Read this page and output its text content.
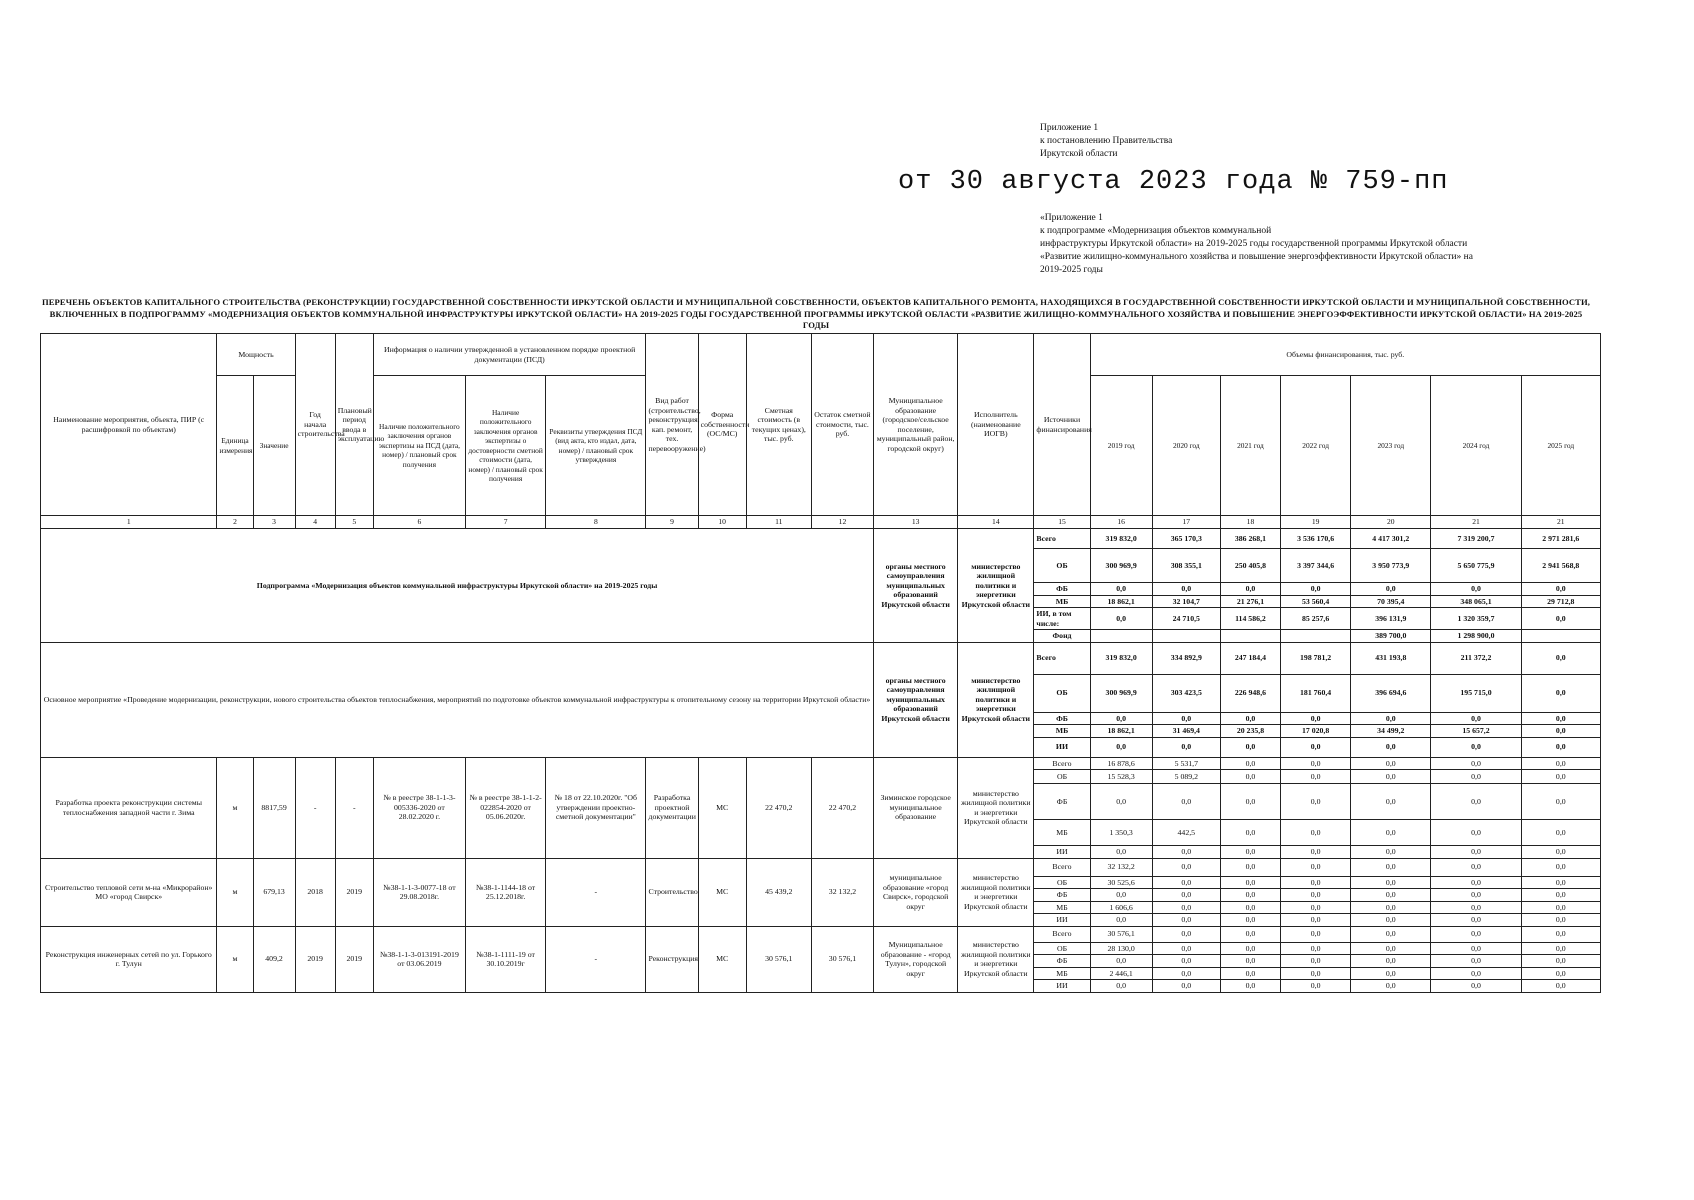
Приложение 1
к постановлению Правительства
Иркутской области
от 30 августа 2023 года № 759-пп
«Приложение 1
к подпрограмме «Модернизация объектов коммунальной
инфраструктуры Иркутской области» на 2019-2025 годы государственной программы Иркутской области
«Развитие жилищно-коммунального хозяйства и повышение энергоэффективности Иркутской области» на
2019-2025 годы
ПЕРЕЧЕНЬ ОБЪЕКТОВ КАПИТАЛЬНОГО СТРОИТЕЛЬСТВА (РЕКОНСТРУКЦИИ) ГОСУДАРСТВЕННОЙ СОБСТВЕННОСТИ ИРКУТСКОЙ ОБЛАСТИ И МУНИЦИПАЛЬНОЙ СОБСТВЕННОСТИ, ОБЪЕКТОВ КАПИТАЛЬНОГО РЕМОНТА, НАХОДЯЩИХСЯ В ГОСУДАРСТВЕННОЙ СОБСТВЕННОСТИ ИРКУТСКОЙ ОБЛАСТИ И МУНИЦИПАЛЬНОЙ СОБСТВЕННОСТИ, ВКЛЮЧЕННЫХ В ПОДПРОГРАММУ «МОДЕРНИЗАЦИЯ ОБЪЕКТОВ КОММУНАЛЬНОЙ ИНФРАСТРУКТУРЫ ИРКУТСКОЙ ОБЛАСТИ» НА 2019-2025 ГОДЫ ГОСУДАРСТВЕННОЙ ПРОГРАММЫ ИРКУТСКОЙ ОБЛАСТИ «РАЗВИТИЕ ЖИЛИЩНО-КОММУНАЛЬНОГО ХОЗЯЙСТВА И ПОВЫШЕНИЕ ЭНЕРГОЭФФЕКТИВНОСТИ ИРКУТСКОЙ ОБЛАСТИ» НА 2019-2025 ГОДЫ
Наименование мероприятия, объекта, ПИР (с расшифровкой по объектам)	Мощность		Год начала строительства	Плановый период ввода в эксплуатацию	Информация о наличии утвержденной в установленном порядке проектной документации (ПСД)			Вид работ (строительство, реконструкция, кап. ремонт, тех. перевооружение)	Форма собственности (ОС/МС)	Сметная стоимость (в текущих ценах), тыс. руб.	Остаток сметной стоимости, тыс. руб.	Муниципальное образование (городское/сельское поселение, муниципальный район, городской округ)	Исполнитель (наименование ИОГВ)	Источники финансирования	Объемы финансирования, тыс. руб.						
	Единица измерения	Значение			Наличие положительного заключения органов экспертизы на ПСД (дата, номер) / плановый срок получения	Наличие положительного заключения органов экспертизы о достоверности сметной стоимости (дата, номер) / плановый срок получения	Реквизиты утверждения ПСД (вид акта, кто издал, дата, номер) / плановый срок утверждения								2019 год	2020 год	2021 год	2022 год	2023 год	2024 год	2025 год
1	2	3	4	5	6	7	8	9	10	11	12	13	14	15	16	17	18	19	20	21	21
Подпрограмма «Модернизация объектов коммунальной инфраструктуры Иркутской области» на 2019-2025 годы												органы местного самоуправления муниципальных образований Иркутской области	министерство жилищной политики и энергетики Иркутской области	Всего	319 832,0	365 170,3	386 268,1	3 536 170,6	4 417 301,2	7 319 200,7	2 971 281,6
														ОБ	300 969,9	308 355,1	250 405,8	3 397 344,6	3 950 773,9	5 650 775,9	2 941 568,8
														ФБ	0,0	0,0	0,0	0,0	0,0	0,0	0,0
														МБ	18 862,1	32 104,7	21 276,1	53 560,4	70 395,4	348 065,1	29 712,8
														ИИ, в том числе:	0,0	24 710,5	114 586,2	85 257,6	396 131,9	1 320 359,7	0,0
														Фонд					389 700,0	1 298 900,0	
Основное мероприятие «Проведение модернизации, реконструкции, нового строительства объектов теплоснабжения, мероприятий по подготовке объектов коммунальной инфраструктуры к отопительному сезону на территории Иркутской области»												органы местного самоуправления муниципальных образований Иркутской области	министерство жилищной политики и энергетики Иркутской области	Всего	319 832,0	334 892,9	247 184,4	198 781,2	431 193,8	211 372,2	0,0
														ОБ	300 969,9	303 423,5	226 948,6	181 760,4	396 694,6	195 715,0	0,0
														ФБ	0,0	0,0	0,0	0,0	0,0	0,0	0,0
														МБ	18 862,1	31 469,4	20 235,8	17 020,8	34 499,2	15 657,2	0,0
														ИИ	0,0	0,0	0,0	0,0	0,0	0,0	0,0
Разработка проекта реконструкции системы теплоснабжения западной части г. Зима	м	8817,59	-	-	№ в реестре 38-1-1-3-005336-2020 от 28.02.2020 г.	№ в реестре 38-1-1-2-022854-2020 от 05.06.2020г.	№ 18 от 22.10.2020г. "Об утверждении проектно-сметной документации"	Разработка проектной документации	МС	22 470,2	22 470,2	Зиминское городское муниципальное образование	министерство жилищной политики и энергетики Иркутской области	Всего	16 878,6	5 531,7	0,0	0,0	0,0	0,0	0,0
														ОБ	15 528,3	5 089,2	0,0	0,0	0,0	0,0	0,0
														ФБ	0,0	0,0	0,0	0,0	0,0	0,0	0,0
														МБ	1 350,3	442,5	0,0	0,0	0,0	0,0	0,0
														ИИ	0,0	0,0	0,0	0,0	0,0	0,0	0,0
Строительство тепловой сети м-на «Микрорайон» МО «город Свирск»	м	679,13	2018	2019	№38-1-1-3-0077-18 от 29.08.2018г.	№38-1-1144-18 от 25.12.2018г.	-	Строительство	МС	45 439,2	32 132,2	муниципальное образование «город Свирск», городской округ	министерство жилищной политики и энергетики Иркутской области	Всего	32 132,2	0,0	0,0	0,0	0,0	0,0	0,0
														ОБ	30 525,6	0,0	0,0	0,0	0,0	0,0	0,0
														ФБ	0,0	0,0	0,0	0,0	0,0	0,0	0,0
														МБ	1 606,6	0,0	0,0	0,0	0,0	0,0	0,0
														ИИ	0,0	0,0	0,0	0,0	0,0	0,0	0,0
Реконструкция инженерных сетей по ул. Горького г. Тулун	м	409,2	2019	2019	№38-1-1-3-013191-2019 от 03.06.2019	№38-1-1111-19 от 30.10.2019г	-	Реконструкция	МС	30 576,1	30 576,1	Муниципальное образование - «город Тулун», городской округ	министерство жилищной политики и энергетики Иркутской области	Всего	30 576,1	0,0	0,0	0,0	0,0	0,0	0,0
														ОБ	28 130,0	0,0	0,0	0,0	0,0	0,0	0,0
														ФБ	0,0	0,0	0,0	0,0	0,0	0,0	0,0
														МБ	2 446,1	0,0	0,0	0,0	0,0	0,0	0,0
														ИИ	0,0	0,0	0,0	0,0	0,0	0,0	0,0
